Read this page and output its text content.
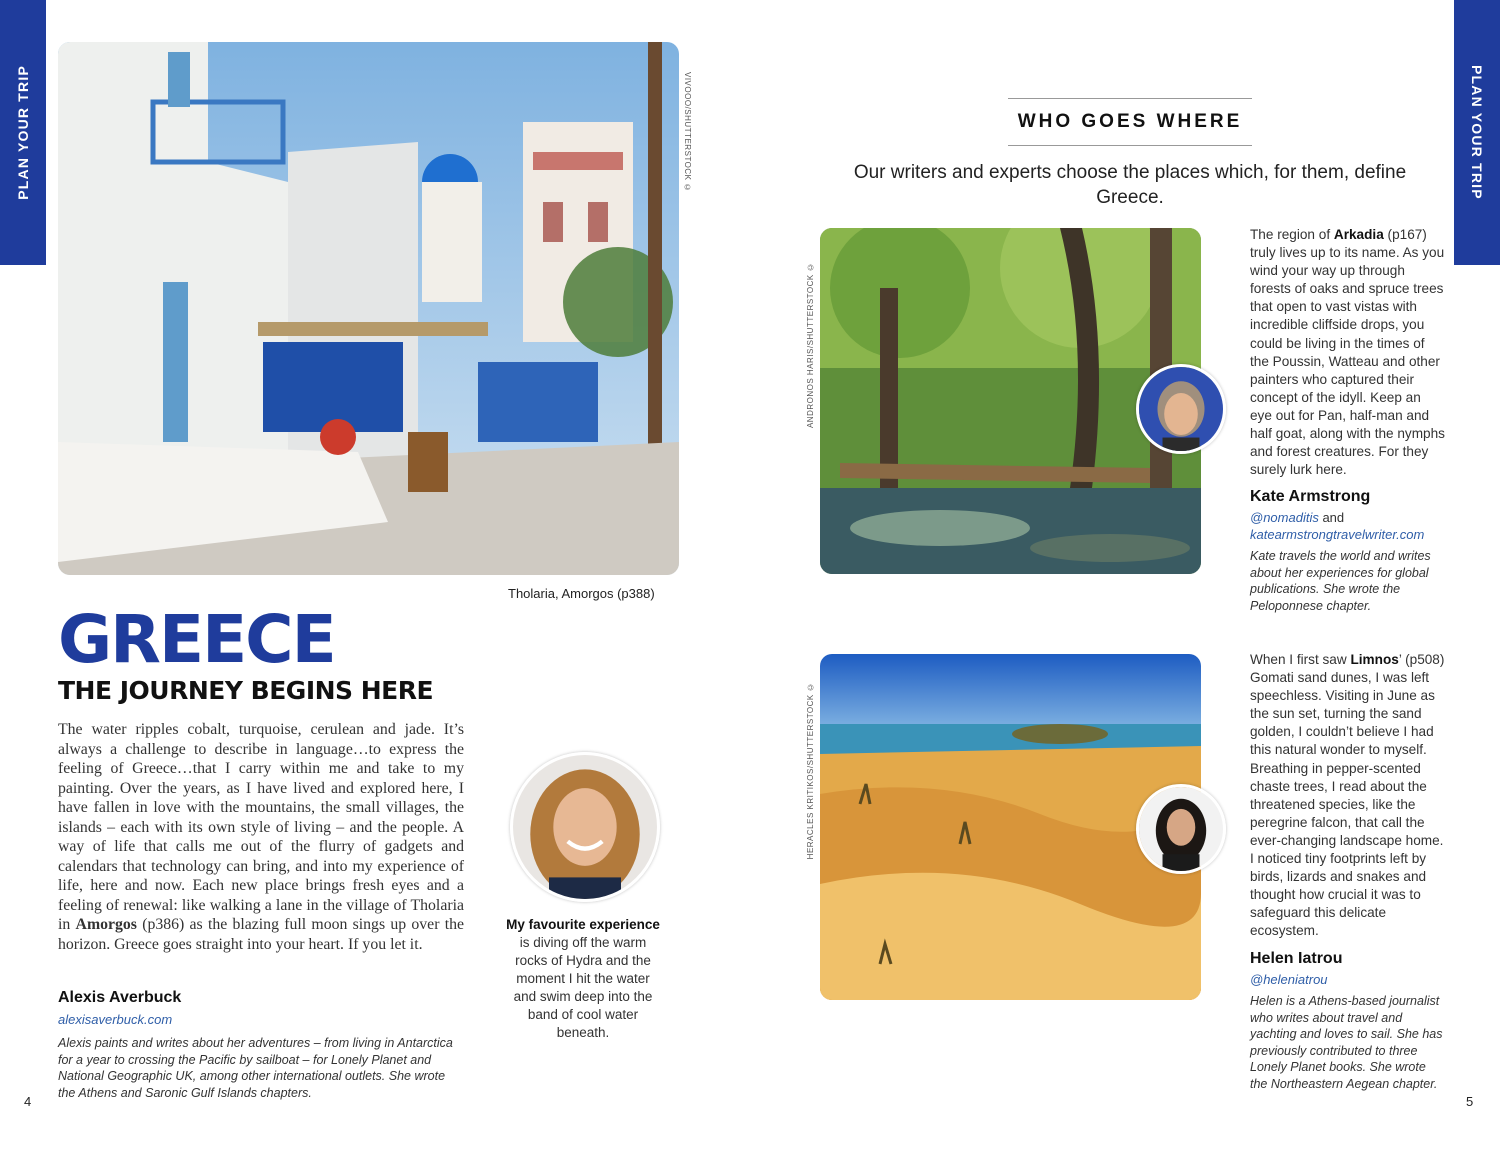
PLAN YOUR TRIP	PLAN YOUR TRIP
VIVOOO/SHUTTERSTOCK ©
Tholaria, Amorgos (p388)
GREECE
THE JOURNEY BEGINS HERE

The water ripples cobalt, turquoise, cerulean and jade. It’s always a challenge to describe in language…to express the feeling of Greece…that I carry within me and take to my painting. Over the years, as I have lived and explored here, I have fallen in love with the mountains, the small villages, the islands – each with its own style of living – and the people. A way of life that calls me out of the flurry of gadgets and calendars that technology can bring, and into my experience of life, here and now. Each new place brings fresh eyes and a feeling of renewal: like walking a lane in the village of Tholaria in Amorgos (p386) as the blazing full moon sings up over the horizon. Greece goes straight into your heart. If you let it.

Alexis Averbuck
alexisaverbuck.com
Alexis paints and writes about her adventures – from living in Antarctica for a year to crossing the Pacific by sailboat – for Lonely Planet and National Geographic UK, among other international outlets. She wrote the Athens and Saronic Gulf Islands chapters.
My favourite experience is diving off the warm rocks of Hydra and the moment I hit the water and swim deep into the band of cool water beneath.
4
WHO GOES WHERE
Our writers and experts choose the places which, for them, define Greece.
ANDRONOS HARIS/SHUTTERSTOCK ©
The region of Arkadia (p167) truly lives up to its name. As you wind your way up through forests of oaks and spruce trees that open to vast vistas with incredible cliffside drops, you could be living in the times of the Poussin, Watteau and other painters who captured their concept of the idyll. Keep an eye out for Pan, half-man and half goat, along with the nymphs and forest creatures. For they surely lurk here.
Kate Armstrong
@nomaditis and
katearmstrongtravelwriter.com
Kate travels the world and writes about her experiences for global publications. She wrote the Peloponnese chapter.
HERACLES KRITIKOS/SHUTTERSTOCK ©
When I first saw Limnos’ (p508) Gomati sand dunes, I was left speechless. Visiting in June as the sun set, turning the sand golden, I couldn’t believe I had this natural wonder to myself. Breathing in pepper-scented chaste trees, I read about the threatened species, like the peregrine falcon, that call the ever-changing landscape home. I noticed tiny footprints left by birds, lizards and snakes and thought how crucial it was to safeguard this delicate ecosystem.
Helen Iatrou
@heleniatrou
Helen is a Athens-based journalist who writes about travel and yachting and loves to sail. She has previously contributed to three Lonely Planet books. She wrote the Northeastern Aegean chapter.
5
